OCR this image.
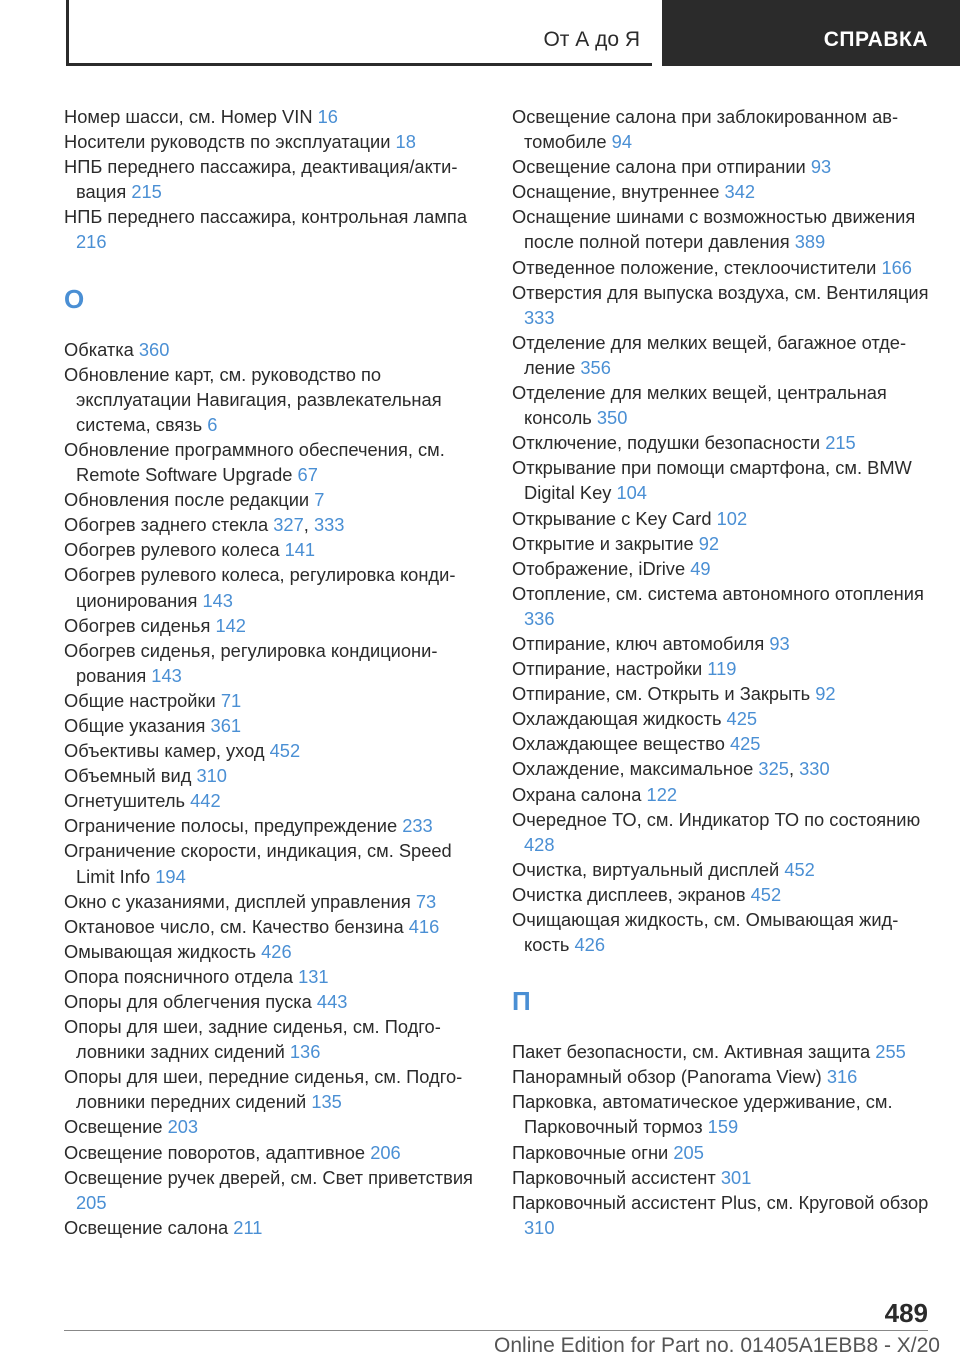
От А до Я	СПРАВКА
Номер шасси, см. Номер VIN 16
Носители руководств по эксплуатации 18
НПБ переднего пассажира, деактивация/активация 215
НПБ переднего пассажира, контрольная лампа 216
О
Обкатка 360
Обновление карт, см. руководство по эксплуатации Навигация, развлекательная система, связь 6
Обновление программного обеспечения, см. Remote Software Upgrade 67
Обновления после редакции 7
Обогрев заднего стекла 327, 333
Обогрев рулевого колеса 141
Обогрев рулевого колеса, регулировка кондиционирования 143
Обогрев сиденья 142
Обогрев сиденья, регулировка кондиционирования 143
Общие настройки 71
Общие указания 361
Объективы камер, уход 452
Объемный вид 310
Огнетушитель 442
Ограничение полосы, предупреждение 233
Ограничение скорости, индикация, см. Speed Limit Info 194
Окно с указаниями, дисплей управления 73
Октановое число, см. Качество бензина 416
Омывающая жидкость 426
Опора поясничного отдела 131
Опоры для облегчения пуска 443
Опоры для шеи, задние сиденья, см. Подголовники задних сидений 136
Опоры для шеи, передние сиденья, см. Подголовники передних сидений 135
Освещение 203
Освещение поворотов, адаптивное 206
Освещение ручек дверей, см. Свет приветствия 205
Освещение салона 211
Освещение салона при заблокированном автомобиле 94
Освещение салона при отпирании 93
Оснащение, внутреннее 342
Оснащение шинами с возможностью движения после полной потери давления 389
Отведенное положение, стеклоочистители 166
Отверстия для выпуска воздуха, см. Вентиляция 333
Отделение для мелких вещей, багажное отделение 356
Отделение для мелких вещей, центральная консоль 350
Отключение, подушки безопасности 215
Открывание при помощи смартфона, см. BMW Digital Key 104
Открывание с Key Card 102
Открытие и закрытие 92
Отображение, iDrive 49
Отопление, см. система автономного отопления 336
Отпирание, ключ автомобиля 93
Отпирание, настройки 119
Отпирание, см. Открыть и Закрыть 92
Охлаждающая жидкость 425
Охлаждающее вещество 425
Охлаждение, максимальное 325, 330
Охрана салона 122
Очередное ТО, см. Индикатор ТО по состоянию 428
Очистка, виртуальный дисплей 452
Очистка дисплеев, экранов 452
Очищающая жидкость, см. Омывающая жидкость 426
П
Пакет безопасности, см. Активная защита 255
Панорамный обзор (Panorama View) 316
Парковка, автоматическое удерживание, см. Парковочный тормоз 159
Парковочные огни 205
Парковочный ассистент 301
Парковочный ассистент Plus, см. Круговой обзор 310
489
Online Edition for Part no. 01405A1EBB8 - X/20
